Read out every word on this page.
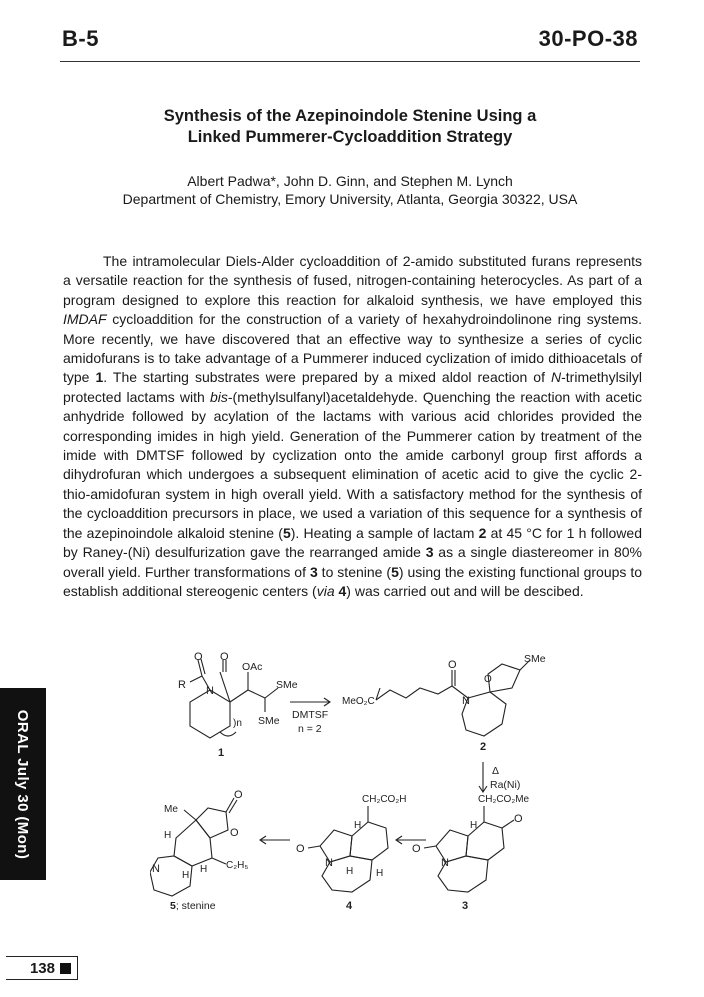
B-5	30-PO-38
Synthesis of the Azepinoindole Stenine Using a
Linked Pummerer-Cycloaddition Strategy
Albert Padwa*, John D. Ginn, and Stephen M. Lynch
Department of Chemistry, Emory University, Atlanta, Georgia 30322, USA

The intramolecular Diels-Alder cycloaddition of 2-amido substituted furans represents a versatile reaction for the synthesis of fused, nitrogen-containing heterocycles. As part of a program designed to explore this reaction for alkaloid synthesis, we have employed this IMDAF cycloaddition for the construction of a variety of hexahydroindolinone ring systems. More recently, we have discovered that an effective way to synthesize a series of cyclic amidofurans is to take advantage of a Pummerer induced cyclization of imido dithioacetals of type 1. The starting substrates were prepared by a mixed aldol reaction of N-trimethylsilyl protected lactams with bis-(methylsulfanyl)acetaldehyde. Quenching the reaction with acetic anhydride followed by acylation of the lactams with various acid chlorides provided the corresponding imides in high yield. Generation of the Pummerer cation by treatment of the imide with DMTSF followed by cyclization onto the amide carbonyl group first affords a dihydrofuran which undergoes a subsequent elimination of acetic acid to give the cyclic 2-thio-amidofuran system in high overall yield. With a satisfactory method for the synthesis of the cycloaddition precursors in place, we used a variation of this sequence for a synthesis of the azepinoindole alkaloid stenine (5). Heating a sample of lactam 2 at 45 °C for 1 h followed by Raney-(Ni) desulfurization gave the rearranged amide 3 as a single diastereomer in 80% overall yield. Further transformations of 3 to stenine (5) using the existing functional groups to establish additional stereogenic centers (via 4) was carried out and will be descibed.

R
O O
N
OAc
SMe
SMe
)n
1
DMTSF
n = 2
MeO₂C
O
O
N
SMe
2
Δ
Ra(Ni)
CH₂CO₂Me
O
O
H
N
3
CH₂CO₂H
O
H
H H
N
4
Me
O
O
H
H
H
N	C₂H₅
5; stenine
ORAL July 30 (Mon)
138
